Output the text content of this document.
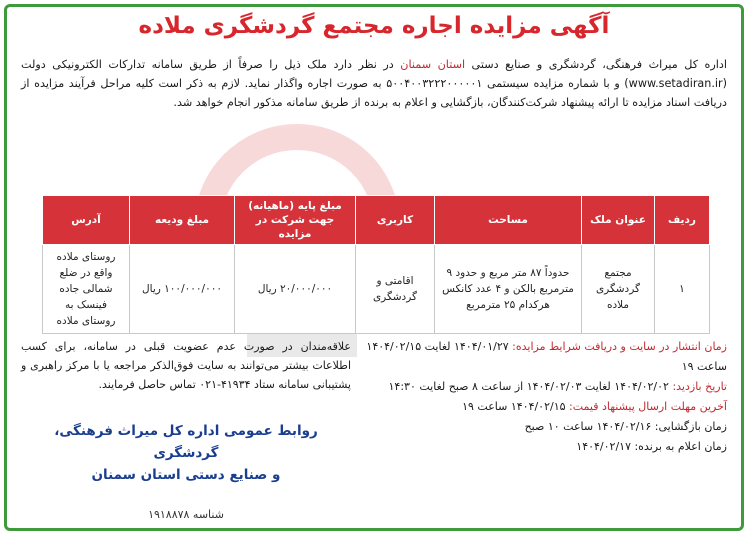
آگهی مزایده اجاره مجتمع گردشگری ملاده
اداره کل میراث فرهنگی، گردشگری و صنایع دستی استان سمنان در نظر دارد ملک ذیل را صرفاً از طریق سامانه تدارکات الکترونیکی دولت (www.setadiran.ir) و با شماره مزایده سیستمی ۵۰۰۴۰۰۳۲۲۲۰۰۰۰۰۱ به صورت اجاره واگذار نماید. لازم به ذکر است کلیه مراحل فرآیند مزایده از دریافت اسناد مزایده تا ارائه پیشنهاد شرکت‌کنندگان، بازگشایی و اعلام به برنده از طریق سامانه مذکور انجام خواهد شد.
ردیف	عنوان ملک	مساحت	کاربری	مبلغ پایه (ماهیانه) جهت شرکت در مزایده	مبلغ ودیعه	آدرس
۱	مجتمع گردشگری ملاده	حدوداً ۸۷ متر مربع و حدود ۹ مترمربع بالکن و ۴ عدد کانکس هرکدام ۲۵ مترمربع	اقامتی و گردشگری	۲۰/۰۰۰/۰۰۰ ریال	۱۰۰/۰۰۰/۰۰۰ ریال	روستای ملاده واقع در ضلع شمالی جاده فینسک به روستای ملاده
زمان انتشار در سایت و دریافت شرایط مزایده: ۱۴۰۴/۰۱/۲۷ لغایت ۱۴۰۴/۰۲/۱۵ ساعت ۱۹
تاریخ بازدید: ۱۴۰۴/۰۲/۰۲ لغایت ۱۴۰۴/۰۲/۰۳ از ساعت ۸ صبح لغایت ۱۴:۳۰
آخرین مهلت ارسال پیشنهاد قیمت: ۱۴۰۴/۰۲/۱۵ ساعت ۱۹
زمان بازگشایی: ۱۴۰۴/۰۲/۱۶ ساعت ۱۰ صبح
زمان اعلام به برنده: ۱۴۰۴/۰۲/۱۷
علاقه‌مندان در صورت عدم عضویت قبلی در سامانه، برای کسب اطلاعات بیشتر می‌توانند به سایت فوق‌الذکر مراجعه یا با مرکز راهبری و پشتیبانی سامانه ستاد ۴۱۹۳۴-۰۲۱ تماس حاصل فرمایند.
روابط عمومی اداره کل میراث فرهنگی، گردشگری
و صنایع دستی استان سمنان
شناسه ۱۹۱۸۸۷۸
